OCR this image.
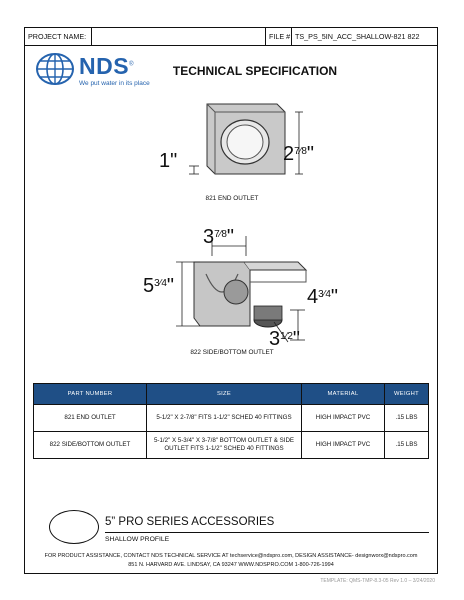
PROJECT NAME:	FILE # TS_PS_5IN_ACC_SHALLOW-821 822
NDS®
We put water in its place
TECHNICAL SPECIFICATION
1"	$2^{7⁄8}$"
821 END OUTLET
$3^{7⁄8}$"
$5^{3⁄4}$"	$4^{3⁄4}$"
$3^{1⁄2}$"
822 SIDE/BOTTOM OUTLET
PART NUMBER	SIZE	MATERIAL	WEIGHT
821 END OUTLET	5-1/2" X 2-7/8" FITS 1-1/2" SCHED 40 FITTINGS	HIGH IMPACT PVC	.15 LBS
822 SIDE/BOTTOM OUTLET	5-1/2" X 5-3/4" X 3-7/8" BOTTOM OUTLET & SIDE OUTLET FITS 1-1/2" SCHED 40 FITTINGS	HIGH IMPACT PVC	.15 LBS
5” PRO SERIES ACCESSORIES
SHALLOW PROFILE
FOR PRODUCT ASSISTANCE, CONTACT NDS TECHNICAL SERVICE AT techservice@ndspro.com, DESIGN ASSISTANCE- designworx@ndspro.com
851 N. HARVARD AVE. LINDSAY, CA 93247 WWW.NDSPRO.COM 1-800-726-1994
TEMPLATE: QMS-TMP-8.3-05 Rev 1.0 – 3/24/2020
